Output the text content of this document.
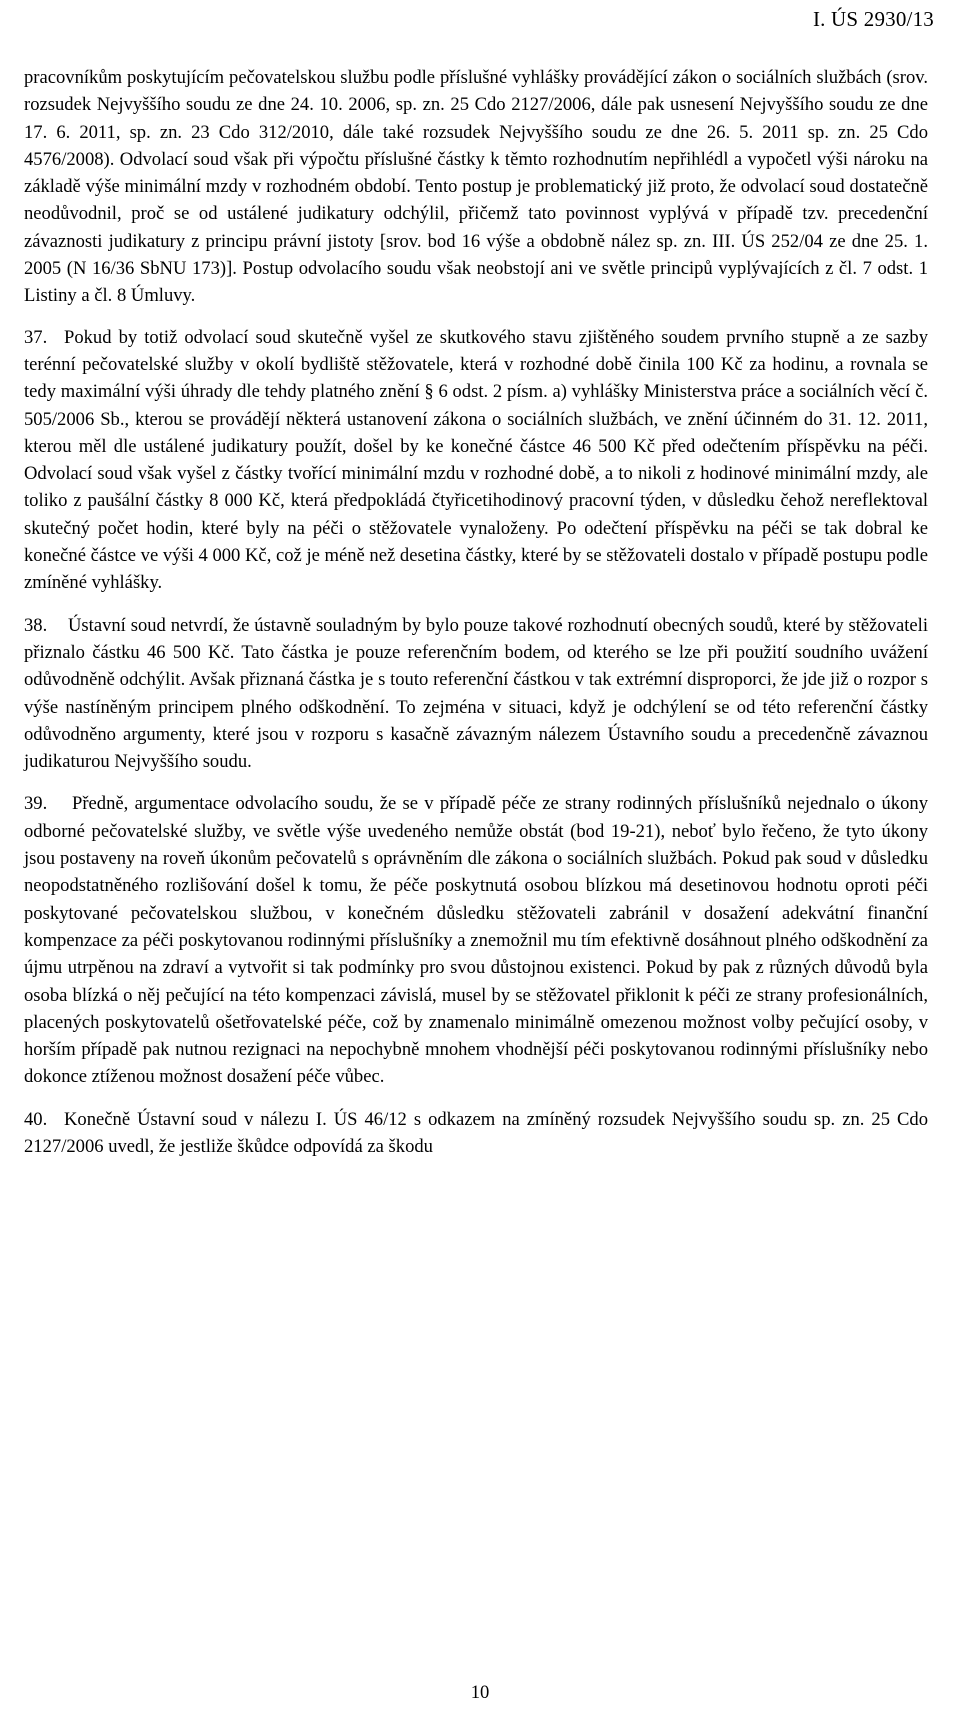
I. ÚS 2930/13

pracovníkům poskytujícím pečovatelskou službu podle příslušné vyhlášky provádějící zákon o sociálních službách (srov. rozsudek Nejvyššího soudu ze dne 24. 10. 2006, sp. zn. 25 Cdo 2127/2006, dále pak usnesení Nejvyššího soudu ze dne 17. 6. 2011, sp. zn. 23 Cdo 312/2010, dále také rozsudek Nejvyššího soudu ze dne 26. 5. 2011 sp. zn. 25 Cdo 4576/2008). Odvolací soud však při výpočtu příslušné částky k těmto rozhodnutím nepřihlédl a vypočetl výši nároku na základě výše minimální mzdy v rozhodném období. Tento postup je problematický již proto, že odvolací soud dostatečně neodůvodnil, proč se od ustálené judikatury odchýlil, přičemž tato povinnost vyplývá v případě tzv. precedenční závaznosti judikatury z principu právní jistoty [srov. bod 16 výše a obdobně nález sp. zn. III. ÚS 252/04 ze dne 25. 1. 2005 (N 16/36 SbNU 173)]. Postup odvolacího soudu však neobstojí ani ve světle principů vyplývajících z čl. 7 odst. 1 Listiny a čl. 8 Úmluvy.

37. Pokud by totiž odvolací soud skutečně vyšel ze skutkového stavu zjištěného soudem prvního stupně a ze sazby terénní pečovatelské služby v okolí bydliště stěžovatele, která v rozhodné době činila 100 Kč za hodinu, a rovnala se tedy maximální výši úhrady dle tehdy platného znění § 6 odst. 2 písm. a) vyhlášky Ministerstva práce a sociálních věcí č. 505/2006 Sb., kterou se provádějí některá ustanovení zákona o sociálních službách, ve znění účinném do 31. 12. 2011, kterou měl dle ustálené judikatury použít, došel by ke konečné částce 46 500 Kč před odečtením příspěvku na péči. Odvolací soud však vyšel z částky tvořící minimální mzdu v rozhodné době, a to nikoli z hodinové minimální mzdy, ale toliko z paušální částky 8 000 Kč, která předpokládá čtyřicetihodinový pracovní týden, v důsledku čehož nereflektoval skutečný počet hodin, které byly na péči o stěžovatele vynaloženy. Po odečtení příspěvku na péči se tak dobral ke konečné částce ve výši 4 000 Kč, což je méně než desetina částky, které by se stěžovateli dostalo v případě postupu podle zmíněné vyhlášky.

38. Ústavní soud netvrdí, že ústavně souladným by bylo pouze takové rozhodnutí obecných soudů, které by stěžovateli přiznalo částku 46 500 Kč. Tato částka je pouze referenčním bodem, od kterého se lze při použití soudního uvážení odůvodněně odchýlit. Avšak přiznaná částka je s touto referenční částkou v tak extrémní disproporci, že jde již o rozpor s výše nastíněným principem plného odškodnění. To zejména v situaci, když je odchýlení se od této referenční částky odůvodněno argumenty, které jsou v rozporu s kasačně závazným nálezem Ústavního soudu a precedenčně závaznou judikaturou Nejvyššího soudu.

39. Předně, argumentace odvolacího soudu, že se v případě péče ze strany rodinných příslušníků nejednalo o úkony odborné pečovatelské služby, ve světle výše uvedeného nemůže obstát (bod 19-21), neboť bylo řečeno, že tyto úkony jsou postaveny na roveň úkonům pečovatelů s oprávněním dle zákona o sociálních službách. Pokud pak soud v důsledku neopodstatněného rozlišování došel k tomu, že péče poskytnutá osobou blízkou má desetinovou hodnotu oproti péči poskytované pečovatelskou službou, v konečném důsledku stěžovateli zabránil v dosažení adekvátní finanční kompenzace za péči poskytovanou rodinnými příslušníky a znemožnil mu tím efektivně dosáhnout plného odškodnění za újmu utrpěnou na zdraví a vytvořit si tak podmínky pro svou důstojnou existenci. Pokud by pak z různých důvodů byla osoba blízká o něj pečující na této kompenzaci závislá, musel by se stěžovatel přiklonit k péči ze strany profesionálních, placených poskytovatelů ošetřovatelské péče, což by znamenalo minimálně omezenou možnost volby pečující osoby, v horším případě pak nutnou rezignaci na nepochybně mnohem vhodnější péči poskytovanou rodinnými příslušníky nebo dokonce ztíženou možnost dosažení péče vůbec.

40. Konečně Ústavní soud v nálezu I. ÚS 46/12 s odkazem na zmíněný rozsudek Nejvyššího soudu sp. zn. 25 Cdo 2127/2006 uvedl, že jestliže škůdce odpovídá za škodu

10
